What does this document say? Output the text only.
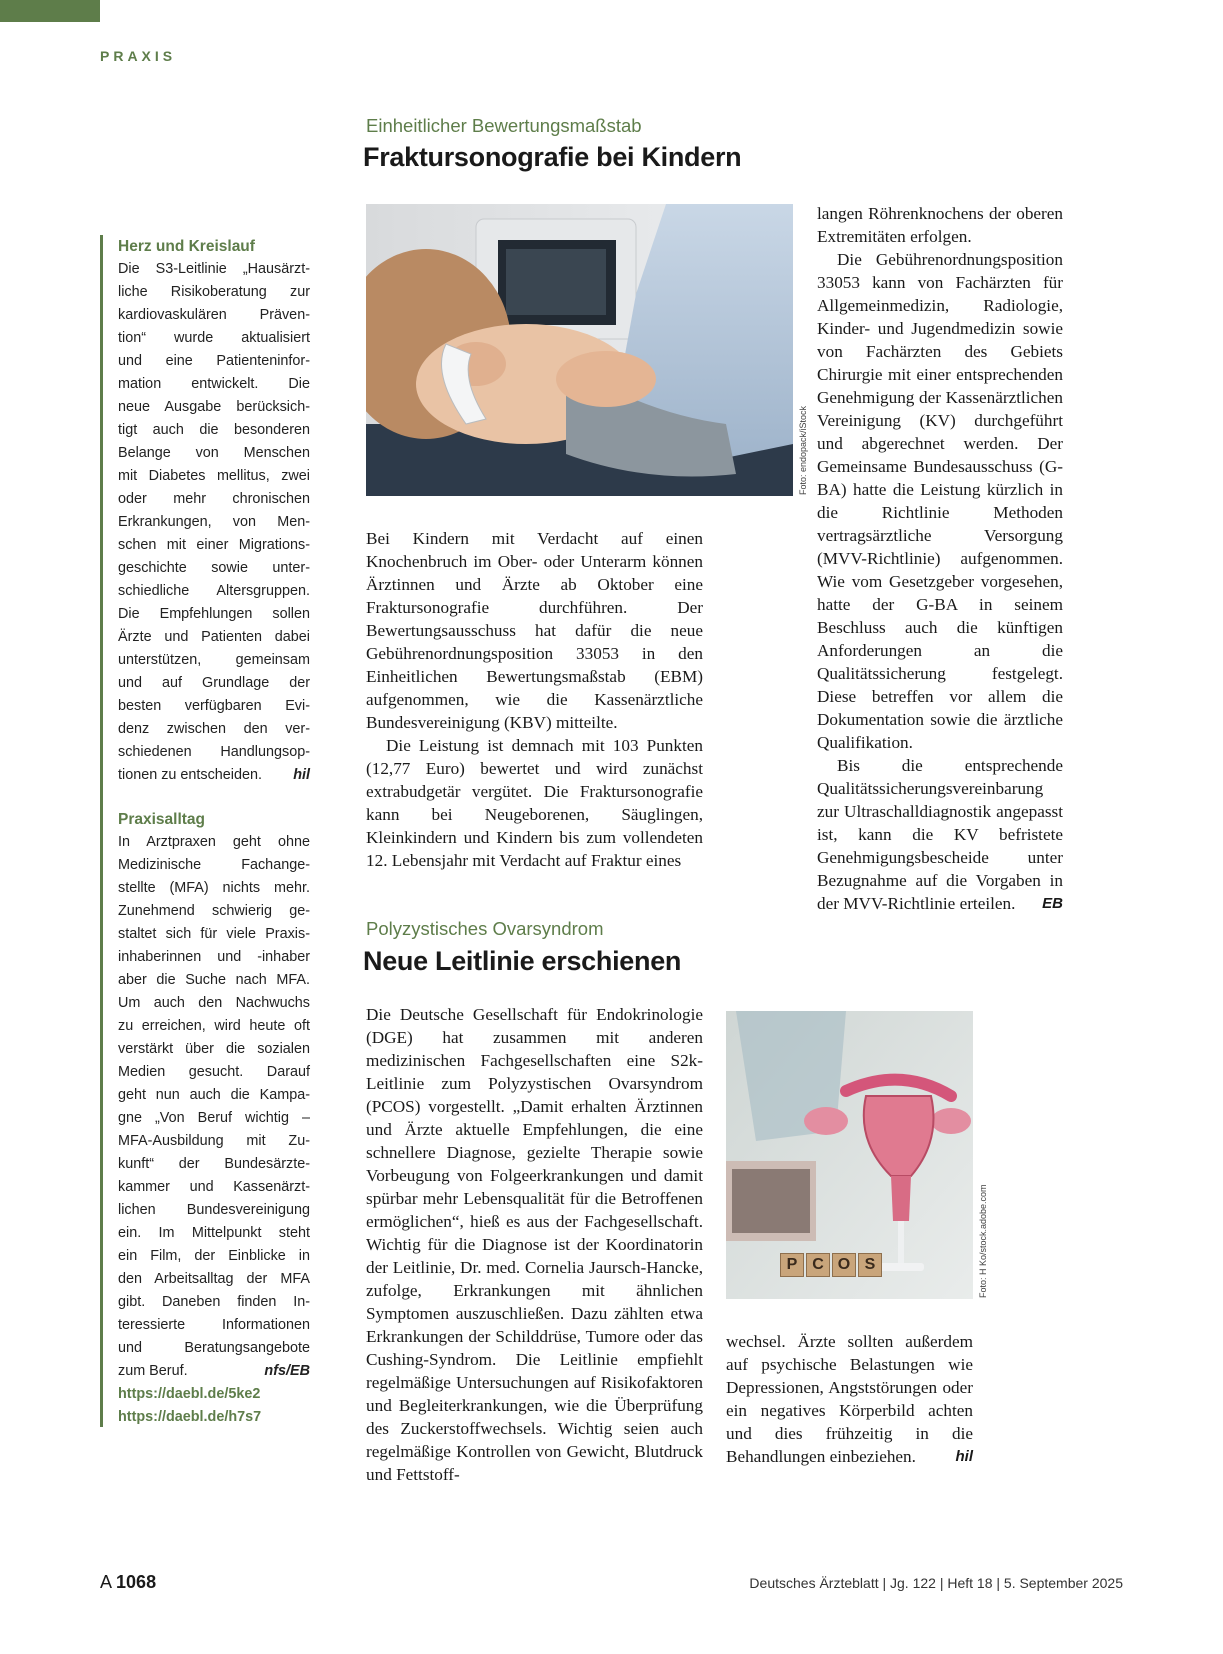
PRAXIS
Herz und Kreislauf

Die S3-Leitlinie „Hausärzt-
liche Risikoberatung zur
kardiovaskulären Präven-
tion“ wurde aktualisiert
und eine Patienteninfor-
mation entwickelt. Die
neue Ausgabe berücksich-
tigt auch die besonderen
Belange von Menschen
mit Diabetes mellitus, zwei
oder mehr chronischen
Erkrankungen, von Men-
schen mit einer Migrations-
geschichte sowie unter-
schiedliche Altersgruppen.
Die Empfehlungen sollen
Ärzte und Patienten dabei
unterstützen, gemeinsam
und auf Grundlage der
besten verfügbaren Evi-
denz zwischen den ver-
schiedenen Handlungsop-

tionen zu entscheiden. hil

Praxisalltag

In Arztpraxen geht ohne
Medizinische Fachange-
stellte (MFA) nichts mehr.
Zunehmend schwierig ge-
staltet sich für viele Praxis-
inhaberinnen und -inhaber
aber die Suche nach MFA.
Um auch den Nachwuchs
zu erreichen, wird heute oft
verstärkt über die sozialen
Medien gesucht. Darauf
geht nun auch die Kampa-
gne „Von Beruf wichtig –
MFA-Ausbildung mit Zu-
kunft“ der Bundesärzte-
kammer und Kassenärzt-
lichen Bundesvereinigung
ein. Im Mittelpunkt steht
ein Film, der Einblicke in
den Arbeitsalltag der MFA
gibt. Daneben finden In-
teressierte Informationen
und Beratungsangebote

zum Beruf.	nfs/EB

https://daebl.de/5ke2
https://daebl.de/h7s7
Einheitlicher Bewertungsmaßstab
Fraktursonografie bei Kindern
Foto: endopack/iStock

Bei Kindern mit Verdacht auf einen Knochenbruch im Ober- oder Unterarm können Ärztinnen und Ärzte ab Oktober eine Fraktursonografie durchführen. Der Bewertungsausschuss hat dafür die neue Gebührenordnungsposition 33053 in den Einheitlichen Bewertungsmaßstab (EBM) aufgenommen, wie die Kassenärztliche Bundesvereinigung (KBV) mitteilte.

Die Leistung ist demnach mit 103 Punkten (12,77 Euro) bewertet und wird zunächst extrabudgetär vergütet. Die Fraktursonografie kann bei Neugeborenen, Säuglingen, Kleinkindern und Kindern bis zum vollendeten 12. Lebensjahr mit Verdacht auf Fraktur eines

langen Röhrenknochens der oberen Extremitäten erfolgen.

Die Gebührenordnungsposition 33053 kann von Fachärzten für Allgemeinmedizin, Radiologie, Kinder- und Jugendmedizin sowie von Fachärzten des Gebiets Chirurgie mit einer entsprechenden Genehmigung der Kassenärztlichen Vereinigung (KV) durchgeführt und abgerechnet werden. Der Gemeinsame Bundesausschuss (G-BA) hatte die Leistung kürzlich in die Richtlinie Methoden vertragsärztliche Versorgung (MVV-Richtlinie) aufgenommen. Wie vom Gesetzgeber vorgesehen, hatte der G-BA in seinem Beschluss auch die künftigen Anforderungen an die Qualitätssicherung festgelegt. Diese betreffen vor allem die Dokumentation sowie die ärztliche Qualifikation.

Bis die entsprechende Qualitätssicherungsvereinbarung zur Ultraschalldiagnostik angepasst ist, kann die KV befristete Genehmigungsbescheide unter Bezugnahme auf die Vorgaben in der MVV-Richtlinie erteilen.	EB

Polyzystisches Ovarsyndrom
Neue Leitlinie erschienen

Die Deutsche Gesellschaft für Endokrinologie (DGE) hat zusammen mit anderen medizinischen Fachgesellschaften eine S2k-Leitlinie zum Polyzystischen Ovarsyndrom (PCOS) vorgestellt. „Damit erhalten Ärztinnen und Ärzte aktuelle Empfehlungen, die eine schnellere Diagnose, gezielte Therapie sowie Vorbeugung von Folgeerkrankungen und damit spürbar mehr Lebensqualität für die Betroffenen ermöglichen“, hieß es aus der Fachgesellschaft. Wichtig für die Diagnose ist der Koordinatorin der Leitlinie, Dr. med. Cornelia Jaursch-Hancke, zufolge, Erkrankungen mit ähnlichen Symptomen auszuschließen. Dazu zählten etwa Erkrankungen der Schilddrüse, Tumore oder das Cushing-Syndrom. Die Leitlinie empfiehlt regelmäßige Untersuchungen auf Risikofaktoren und Begleiterkrankungen, wie die Überprüfung des Zuckerstoffwechsels. Wichtig seien auch regelmäßige Kontrollen von Gewicht, Blutdruck und Fettstoff-

P C O S	Foto: H Ko/stock.adobe.com

wechsel. Ärzte sollten außerdem auf psychische Belastungen wie Depressionen, Angststörungen oder ein negatives Körperbild achten und dies frühzeitig in die Behandlungen einbeziehen.	hil

A 1068	Deutsches Ärzteblatt | Jg. 122 | Heft 18 | 5. September 2025
